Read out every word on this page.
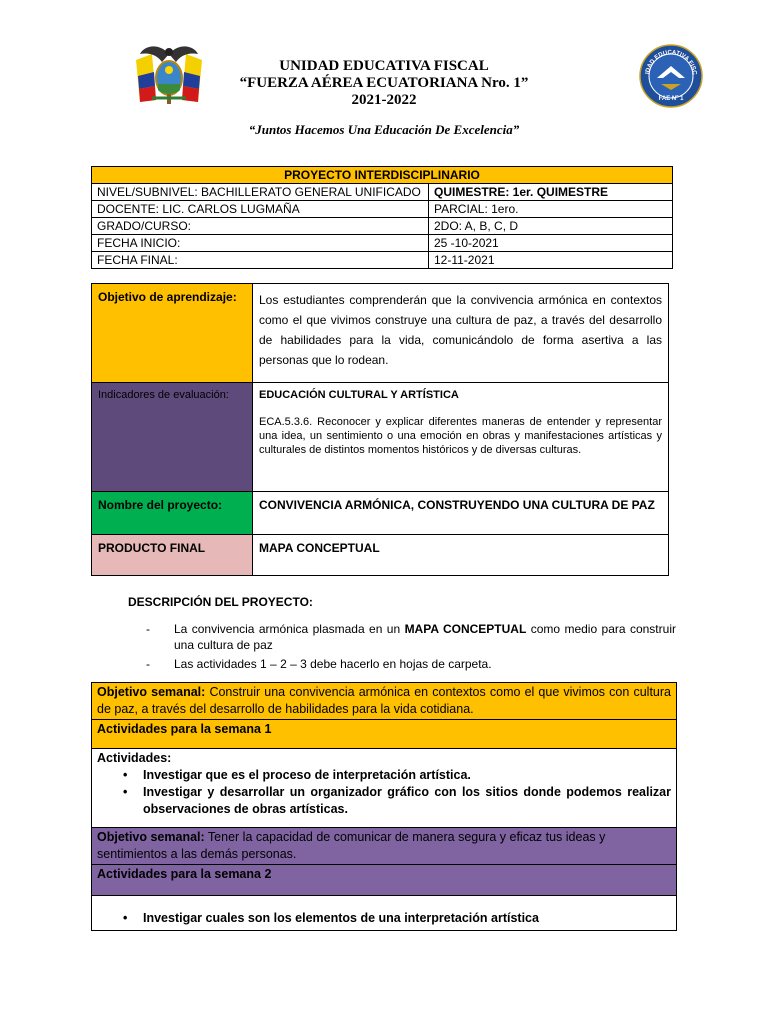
IDAD EDUCATIVA FISC
FAE Nº 1
UNIDAD EDUCATIVA FISCAL
“FUERZA AÉREA ECUATORIANA Nro. 1”
2021-2022
“Juntos Hacemos Una Educación De Excelencia”
PROYECTO INTERDISCIPLINARIO	
NIVEL/SUBNIVEL: BACHILLERATO GENERAL UNIFICADO	QUIMESTRE: 1er. QUIMESTRE
DOCENTE: LIC. CARLOS LUGMAÑA	PARCIAL: 1ero.
GRADO/CURSO:	2DO: A, B, C, D
FECHA INICIO:	25 -10-2021
FECHA FINAL:	12-11-2021
Objetivo de aprendizaje:	Los estudiantes comprenderán que la convivencia armónica en contextos como el que vivimos construye una cultura de paz, a través del desarrollo de habilidades para la vida, comunicándolo de forma asertiva a las personas que lo rodean.
Indicadores de evaluación:	EDUCACIÓN CULTURAL Y ARTÍSTICA
ECA.5.3.6. Reconocer y explicar diferentes maneras de entender y representar una idea, un sentimiento o una emoción en obras y manifestaciones artísticas y culturales de distintos momentos históricos y de diversas culturas.

Nombre del proyecto:	CONVIVENCIA ARMÓNICA, CONSTRUYENDO UNA CULTURA DE PAZ
PRODUCTO FINAL	MAPA CONCEPTUAL
DESCRIPCIÓN DEL PROYECTO:
- La convivencia armónica plasmada en un MAPA CONCEPTUAL como medio para construir una cultura de paz
- Las actividades 1 – 2 – 3 debe hacerlo en hojas de carpeta.
Objetivo semanal: Construir una convivencia armónica en contextos como el que vivimos con cultura de paz, a través del desarrollo de habilidades para la vida cotidiana.
Actividades para la semana 1

Actividades:
• Investigar que es el proceso de interpretación artística.
• Investigar y desarrollar un organizador gráfico con los sitios donde podemos realizar observaciones de obras artísticas.

Objetivo semanal: Tener la capacidad de comunicar de manera segura y eficaz tus ideas y sentimientos a las demás personas.
Actividades para la semana 2

• Investigar cuales son los elementos de una interpretación artística
